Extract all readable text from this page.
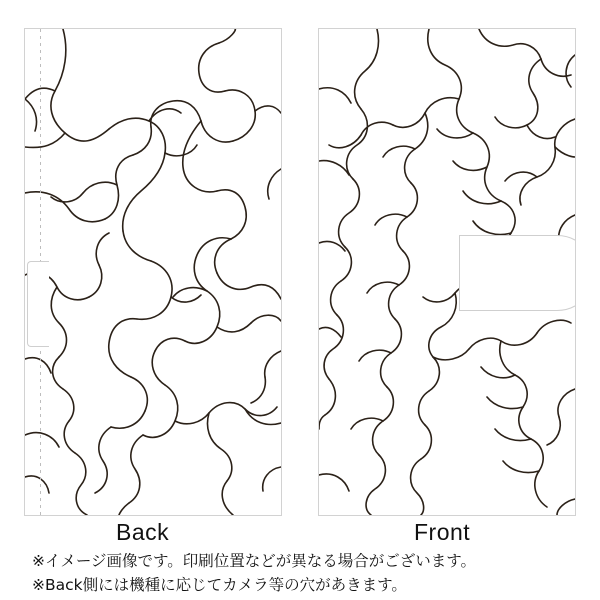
Back	Front
※イメージ画像です。印刷位置などが異なる場合がございます。
※Back側には機種に応じてカメラ等の穴があきます。
